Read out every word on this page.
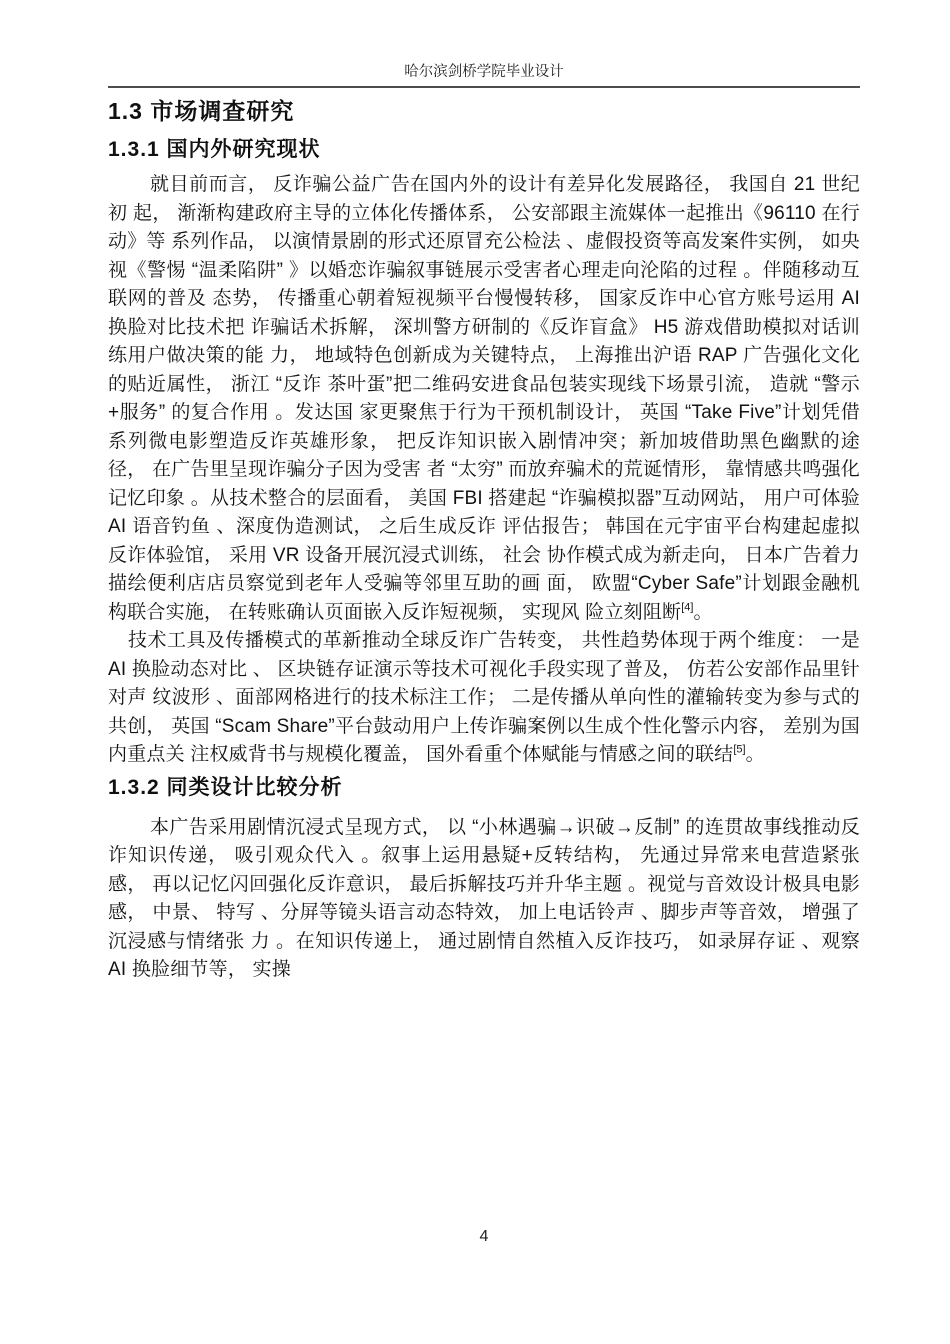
哈尔滨剑桥学院毕业设计
1.3 市场调查研究
1.3.1 国内外研究现状

就目前而言， 反诈骗公益广告在国内外的设计有差异化发展路径， 我国自 21 世纪初 起， 渐渐构建政府主导的立体化传播体系， 公安部跟主流媒体一起推出《96110 在行动》等 系列作品， 以演情景剧的形式还原冒充公检法 、虚假投资等高发案件实例， 如央视《警惕 “温柔陷阱” 》以婚恋诈骗叙事链展示受害者心理走向沦陷的过程 。伴随移动互联网的普及 态势， 传播重心朝着短视频平台慢慢转移， 国家反诈中心官方账号运用 AI 换脸对比技术把 诈骗话术拆解， 深圳警方研制的《反诈盲盒》 H5 游戏借助模拟对话训练用户做决策的能 力， 地域特色创新成为关键特点， 上海推出沪语 RAP 广告强化文化的贴近属性， 浙江 “反诈 茶叶蛋”把二维码安进食品包装实现线下场景引流， 造就 “警示+服务” 的复合作用 。发达国 家更聚焦于行为干预机制设计， 英国 “Take Five”计划凭借系列微电影塑造反诈英雄形象， 把反诈知识嵌入剧情冲突；新加坡借助黑色幽默的途径， 在广告里呈现诈骗分子因为受害 者 “太穷” 而放弃骗术的荒诞情形， 靠情感共鸣强化记忆印象 。从技术整合的层面看， 美国 FBI 搭建起 “诈骗模拟器”互动网站， 用户可体验 AI 语音钓鱼 、深度伪造测试， 之后生成反诈 评估报告； 韩国在元宇宙平台构建起虚拟反诈体验馆， 采用 VR 设备开展沉浸式训练， 社会 协作模式成为新走向， 日本广告着力描绘便利店店员察觉到老年人受骗等邻里互助的画 面， 欧盟“Cyber Safe”计划跟金融机构联合实施， 在转账确认页面嵌入反诈短视频， 实现风 险立刻阻断[4]。

技术工具及传播模式的革新推动全球反诈广告转变， 共性趋势体现于两个维度： 一是 AI 换脸动态对比 、 区块链存证演示等技术可视化手段实现了普及， 仿若公安部作品里针对声 纹波形 、面部网格进行的技术标注工作； 二是传播从单向性的灌输转变为参与式的共创， 英国 “Scam Share”平台鼓动用户上传诈骗案例以生成个性化警示内容， 差别为国内重点关 注权威背书与规模化覆盖， 国外看重个体赋能与情感之间的联结[5]。

1.3.2 同类设计比较分析

本广告采用剧情沉浸式呈现方式， 以 “小林遇骗→识破→反制” 的连贯故事线推动反诈知识传递， 吸引观众代入 。叙事上运用悬疑+反转结构， 先通过异常来电营造紧张感， 再以记忆闪回强化反诈意识， 最后拆解技巧并升华主题 。视觉与音效设计极具电影感， 中景、 特写 、分屏等镜头语言动态特效， 加上电话铃声 、脚步声等音效， 增强了沉浸感与情绪张 力 。在知识传递上， 通过剧情自然植入反诈技巧， 如录屏存证 、观察 AI 换脸细节等， 实操

4
